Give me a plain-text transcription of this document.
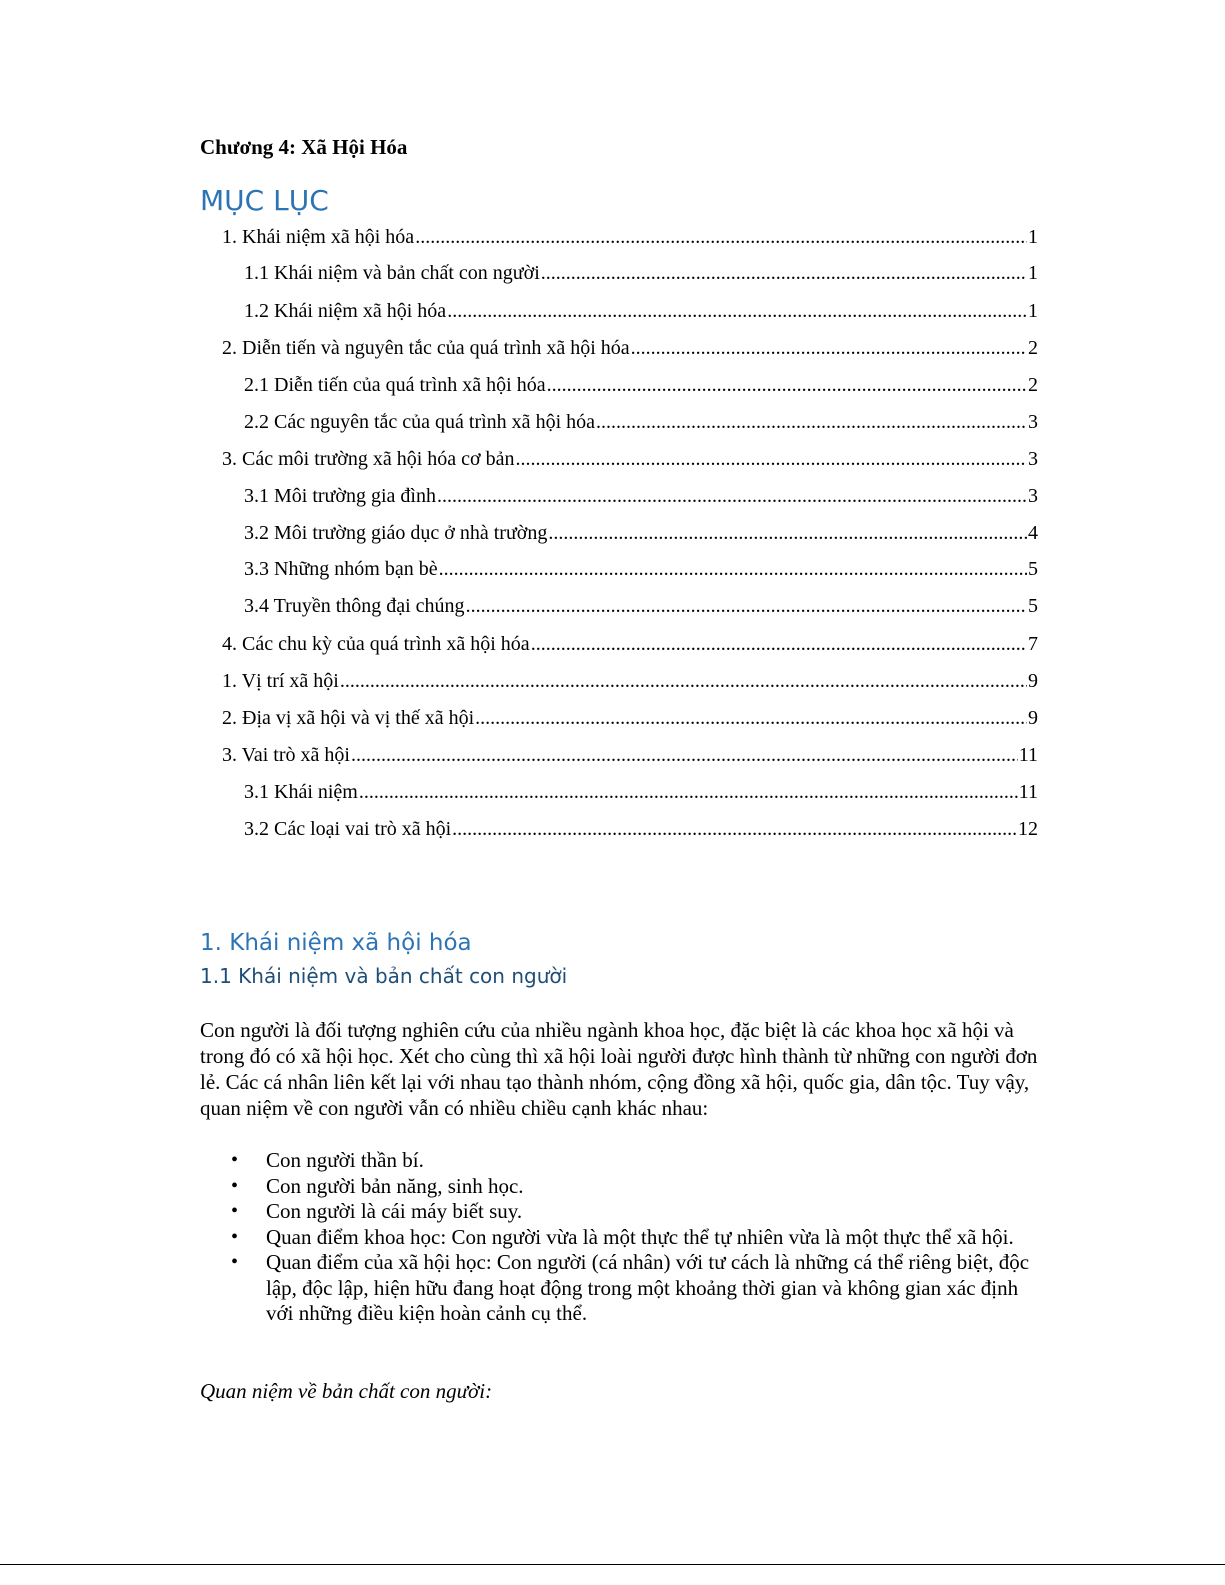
Chương 4: Xã Hội Hóa
MỤC LỤC
1. Khái niệm xã hội hóa .....	1
1.1 Khái niệm và bản chất con người .....	1
1.2 Khái niệm xã hội hóa .....	1
2. Diễn tiến và nguyên tắc của quá trình xã hội hóa .....	2
2.1 Diễn tiến của quá trình xã hội hóa .....	2
2.2 Các nguyên tắc của quá trình xã hội hóa .....	3
3. Các môi trường xã hội hóa cơ bản .....	3
3.1 Môi trường gia đình .....	3
3.2 Môi trường giáo dục ở nhà trường .....	4
3.3 Những nhóm bạn bè .....	5
3.4 Truyền thông đại chúng .....	5
4. Các chu kỳ của quá trình xã hội hóa .....	7
1. Vị trí xã hội .....	9
2. Địa vị xã hội và vị thế xã hội .....	9
3. Vai trò xã hội .....	11
3.1 Khái niệm .....	11
3.2 Các loại vai trò xã hội .....	12
1. Khái niệm xã hội hóa
1.1 Khái niệm và bản chất con người

Con người là đối tượng nghiên cứu của nhiều ngành khoa học, đặc biệt là các khoa học xã hội và trong đó có xã hội học. Xét cho cùng thì xã hội loài người được hình thành từ những con người đơn lẻ. Các cá nhân liên kết lại với nhau tạo thành nhóm, cộng đồng xã hội, quốc gia, dân tộc. Tuy vậy, quan niệm về con người vẫn có nhiều chiều cạnh khác nhau:

• Con người thần bí.
• Con người bản năng, sinh học.
• Con người là cái máy biết suy.
• Quan điểm khoa học: Con người vừa là một thực thể tự nhiên vừa là một thực thể xã hội.
• Quan điểm của xã hội học: Con người (cá nhân) với tư cách là những cá thể riêng biệt, độc lập, độc lập, hiện hữu đang hoạt động trong một khoảng thời gian và không gian xác định với những điều kiện hoàn cảnh cụ thể.

Quan niệm về bản chất con người:
